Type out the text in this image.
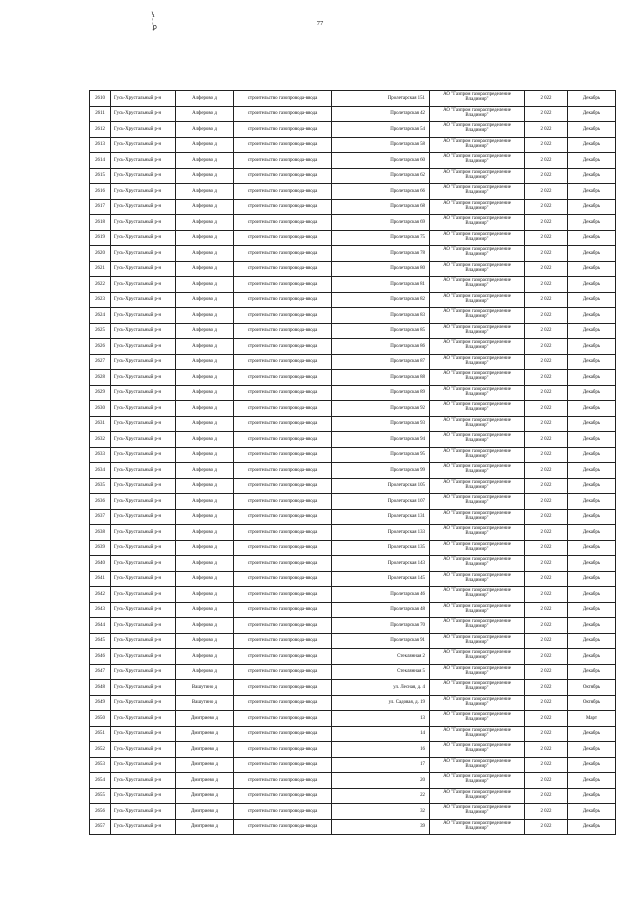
ꝇ
¦
ꝑ	77
2610	Гусь-Хрустальный р-н	Алферово д	строительство газопровода-ввода	Пролетарская 151	АО "Газпром газораспределение
Владимир"	2 022	Декабрь
2611	Гусь-Хрустальный р-н	Алферово д	строительство газопровода-ввода	Пролетарская 42	АО "Газпром газораспределение
Владимир"	2 022	Декабрь
2612	Гусь-Хрустальный р-н	Алферово д	строительство газопровода-ввода	Пролетарская 54	АО "Газпром газораспределение
Владимир"	2 022	Декабрь
2613	Гусь-Хрустальный р-н	Алферово д	строительство газопровода-ввода	Пролетарская 58	АО "Газпром газораспределение
Владимир"	2 022	Декабрь
2614	Гусь-Хрустальный р-н	Алферово д	строительство газопровода-ввода	Пролетарская 60	АО "Газпром газораспределение
Владимир"	2 022	Декабрь
2615	Гусь-Хрустальный р-н	Алферово д	строительство газопровода-ввода	Пролетарская 62	АО "Газпром газораспределение
Владимир"	2 022	Декабрь
2616	Гусь-Хрустальный р-н	Алферово д	строительство газопровода-ввода	Пролетарская 66	АО "Газпром газораспределение
Владимир"	2 022	Декабрь
2617	Гусь-Хрустальный р-н	Алферово д	строительство газопровода-ввода	Пролетарская 68	АО "Газпром газораспределение
Владимир"	2 022	Декабрь
2618	Гусь-Хрустальный р-н	Алферово д	строительство газопровода-ввода	Пролетарская 69	АО "Газпром газораспределение
Владимир"	2 022	Декабрь
2619	Гусь-Хрустальный р-н	Алферово д	строительство газопровода-ввода	Пролетарская 75	АО "Газпром газораспределение
Владимир"	2 022	Декабрь
2620	Гусь-Хрустальный р-н	Алферово д	строительство газопровода-ввода	Пролетарская 78	АО "Газпром газораспределение
Владимир"	2 022	Декабрь
2621	Гусь-Хрустальный р-н	Алферово д	строительство газопровода-ввода	Пролетарская 80	АО "Газпром газораспределение
Владимир"	2 022	Декабрь
2622	Гусь-Хрустальный р-н	Алферово д	строительство газопровода-ввода	Пролетарская 81	АО "Газпром газораспределение
Владимир"	2 022	Декабрь
2623	Гусь-Хрустальный р-н	Алферово д	строительство газопровода-ввода	Пролетарская 82	АО "Газпром газораспределение
Владимир"	2 022	Декабрь
2624	Гусь-Хрустальный р-н	Алферово д	строительство газопровода-ввода	Пролетарская 83	АО "Газпром газораспределение
Владимир"	2 022	Декабрь
2625	Гусь-Хрустальный р-н	Алферово д	строительство газопровода-ввода	Пролетарская 85	АО "Газпром газораспределение
Владимир"	2 022	Декабрь
2626	Гусь-Хрустальный р-н	Алферово д	строительство газопровода-ввода	Пролетарская 86	АО "Газпром газораспределение
Владимир"	2 022	Декабрь
2627	Гусь-Хрустальный р-н	Алферово д	строительство газопровода-ввода	Пролетарская 87	АО "Газпром газораспределение
Владимир"	2 022	Декабрь
2628	Гусь-Хрустальный р-н	Алферово д	строительство газопровода-ввода	Пролетарская 88	АО "Газпром газораспределение
Владимир"	2 022	Декабрь
2629	Гусь-Хрустальный р-н	Алферово д	строительство газопровода-ввода	Пролетарская 89	АО "Газпром газораспределение
Владимир"	2 022	Декабрь
2630	Гусь-Хрустальный р-н	Алферово д	строительство газопровода-ввода	Пролетарская 92	АО "Газпром газораспределение
Владимир"	2 022	Декабрь
2631	Гусь-Хрустальный р-н	Алферово д	строительство газопровода-ввода	Пролетарская 93	АО "Газпром газораспределение
Владимир"	2 022	Декабрь
2632	Гусь-Хрустальный р-н	Алферово д	строительство газопровода-ввода	Пролетарская 94	АО "Газпром газораспределение
Владимир"	2 022	Декабрь
2633	Гусь-Хрустальный р-н	Алферово д	строительство газопровода-ввода	Пролетарская 95	АО "Газпром газораспределение
Владимир"	2 022	Декабрь
2634	Гусь-Хрустальный р-н	Алферово д	строительство газопровода-ввода	Пролетарская 99	АО "Газпром газораспределение
Владимир"	2 022	Декабрь
2635	Гусь-Хрустальный р-н	Алферово д	строительство газопровода-ввода	Пролетарская 105	АО "Газпром газораспределение
Владимир"	2 022	Декабрь
2636	Гусь-Хрустальный р-н	Алферово д	строительство газопровода-ввода	Пролетарская 107	АО "Газпром газораспределение
Владимир"	2 022	Декабрь
2637	Гусь-Хрустальный р-н	Алферово д	строительство газопровода-ввода	Пролетарская 131	АО "Газпром газораспределение
Владимир"	2 022	Декабрь
2638	Гусь-Хрустальный р-н	Алферово д	строительство газопровода-ввода	Пролетарская 133	АО "Газпром газораспределение
Владимир"	2 022	Декабрь
2639	Гусь-Хрустальный р-н	Алферово д	строительство газопровода-ввода	Пролетарская 135	АО "Газпром газораспределение
Владимир"	2 022	Декабрь
2640	Гусь-Хрустальный р-н	Алферово д	строительство газопровода-ввода	Пролетарская 143	АО "Газпром газораспределение
Владимир"	2 022	Декабрь
2641	Гусь-Хрустальный р-н	Алферово д	строительство газопровода-ввода	Пролетарская 145	АО "Газпром газораспределение
Владимир"	2 022	Декабрь
2642	Гусь-Хрустальный р-н	Алферово д	строительство газопровода-ввода	Пролетарская 46	АО "Газпром газораспределение
Владимир"	2 022	Декабрь
2643	Гусь-Хрустальный р-н	Алферово д	строительство газопровода-ввода	Пролетарская 48	АО "Газпром газораспределение
Владимир"	2 022	Декабрь
2644	Гусь-Хрустальный р-н	Алферово д	строительство газопровода-ввода	Пролетарская 70	АО "Газпром газораспределение
Владимир"	2 022	Декабрь
2645	Гусь-Хрустальный р-н	Алферово д	строительство газопровода-ввода	Пролетарская 91	АО "Газпром газораспределение
Владимир"	2 022	Декабрь
2646	Гусь-Хрустальный р-н	Алферово д	строительство газопровода-ввода	Стеклянная 2	АО "Газпром газораспределение
Владимир"	2 022	Декабрь
2647	Гусь-Хрустальный р-н	Алферово д	строительство газопровода-ввода	Стеклянная 5	АО "Газпром газораспределение
Владимир"	2 022	Декабрь
2648	Гусь-Хрустальный р-н	Вашутино д	строительство газопровода-ввода	ул. Лесная, д. 4	АО "Газпром газораспределение
Владимир"	2 022	Октябрь
2649	Гусь-Хрустальный р-н	Вашутино д	строительство газопровода-ввода	ул. Садовая, д. 19	АО "Газпром газораспределение
Владимир"	2 022	Октябрь
2650	Гусь-Хрустальный р-н	Дмитриево д	строительство газопровода-ввода	13	АО "Газпром газораспределение
Владимир"	2 022	Март
2651	Гусь-Хрустальный р-н	Дмитриево д	строительство газопровода-ввода	14	АО "Газпром газораспределение
Владимир"	2 022	Декабрь
2652	Гусь-Хрустальный р-н	Дмитриево д	строительство газопровода-ввода	16	АО "Газпром газораспределение
Владимир"	2 022	Декабрь
2653	Гусь-Хрустальный р-н	Дмитриево д	строительство газопровода-ввода	17	АО "Газпром газораспределение
Владимир"	2 022	Декабрь
2654	Гусь-Хрустальный р-н	Дмитриево д	строительство газопровода-ввода	20	АО "Газпром газораспределение
Владимир"	2 022	Декабрь
2655	Гусь-Хрустальный р-н	Дмитриево д	строительство газопровода-ввода	22	АО "Газпром газораспределение
Владимир"	2 022	Декабрь
2656	Гусь-Хрустальный р-н	Дмитриево д	строительство газопровода-ввода	32	АО "Газпром газораспределение
Владимир"	2 022	Декабрь
2657	Гусь-Хрустальный р-н	Дмитриево д	строительство газопровода-ввода	39	АО "Газпром газораспределение
Владимир"	2 022	Декабрь
